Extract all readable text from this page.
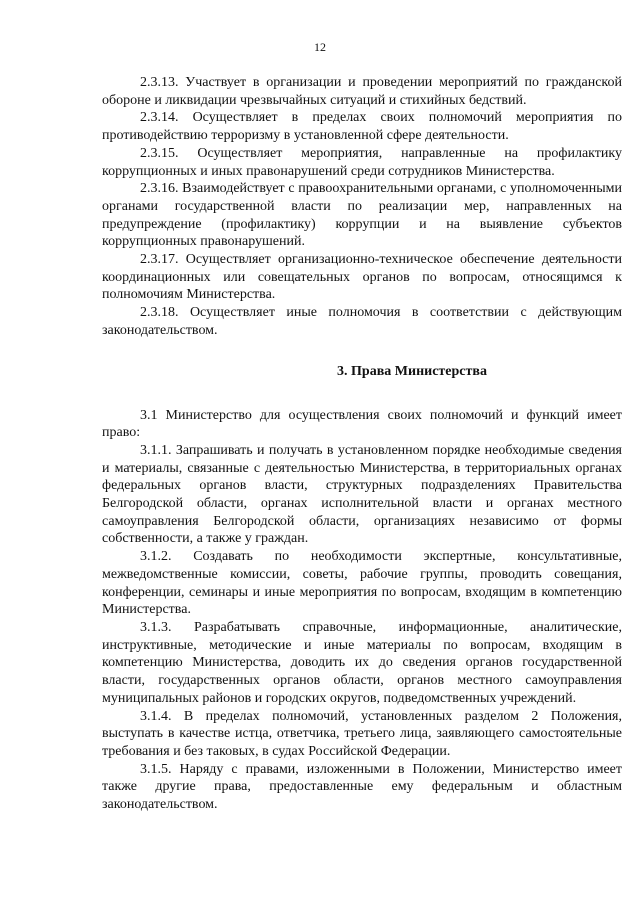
12

2.3.13. Участвует в организации и проведении мероприятий по гражданской обороне и ликвидации чрезвычайных ситуаций и стихийных бедствий.

2.3.14. Осуществляет в пределах своих полномочий мероприятия по противодействию терроризму в установленной сфере деятельности.

2.3.15. Осуществляет мероприятия, направленные на профилактику коррупционных и иных правонарушений среди сотрудников Министерства.

2.3.16. Взаимодействует с правоохранительными органами, с уполномоченными органами государственной власти по реализации мер, направленных на предупреждение (профилактику) коррупции и на выявление субъектов коррупционных правонарушений.

2.3.17. Осуществляет организационно-техническое обеспечение деятельности координационных или совещательных органов по вопросам, относящимся к полномочиям Министерства.

2.3.18. Осуществляет иные полномочия в соответствии с действующим законодательством.

3. Права Министерства

3.1 Министерство для осуществления своих полномочий и функций имеет право:

3.1.1. Запрашивать и получать в установленном порядке необходимые сведения и материалы, связанные с деятельностью Министерства, в территориальных органах федеральных органов власти, структурных подразделениях Правительства Белгородской области, органах исполнительной власти и органах местного самоуправления Белгородской области, организациях независимо от формы собственности, а также у граждан.

3.1.2. Создавать по необходимости экспертные, консультативные, межведомственные комиссии, советы, рабочие группы, проводить совещания, конференции, семинары и иные мероприятия по вопросам, входящим в компетенцию Министерства.

3.1.3. Разрабатывать справочные, информационные, аналитические, инструктивные, методические и иные материалы по вопросам, входящим в компетенцию Министерства, доводить их до сведения органов государственной власти, государственных органов области, органов местного самоуправления муниципальных районов и городских округов, подведомственных учреждений.

3.1.4. В пределах полномочий, установленных разделом 2 Положения, выступать в качестве истца, ответчика, третьего лица, заявляющего самостоятельные требования и без таковых, в судах Российской Федерации.

3.1.5. Наряду с правами, изложенными в Положении, Министерство имеет также другие права, предоставленные ему федеральным и областным законодательством.
